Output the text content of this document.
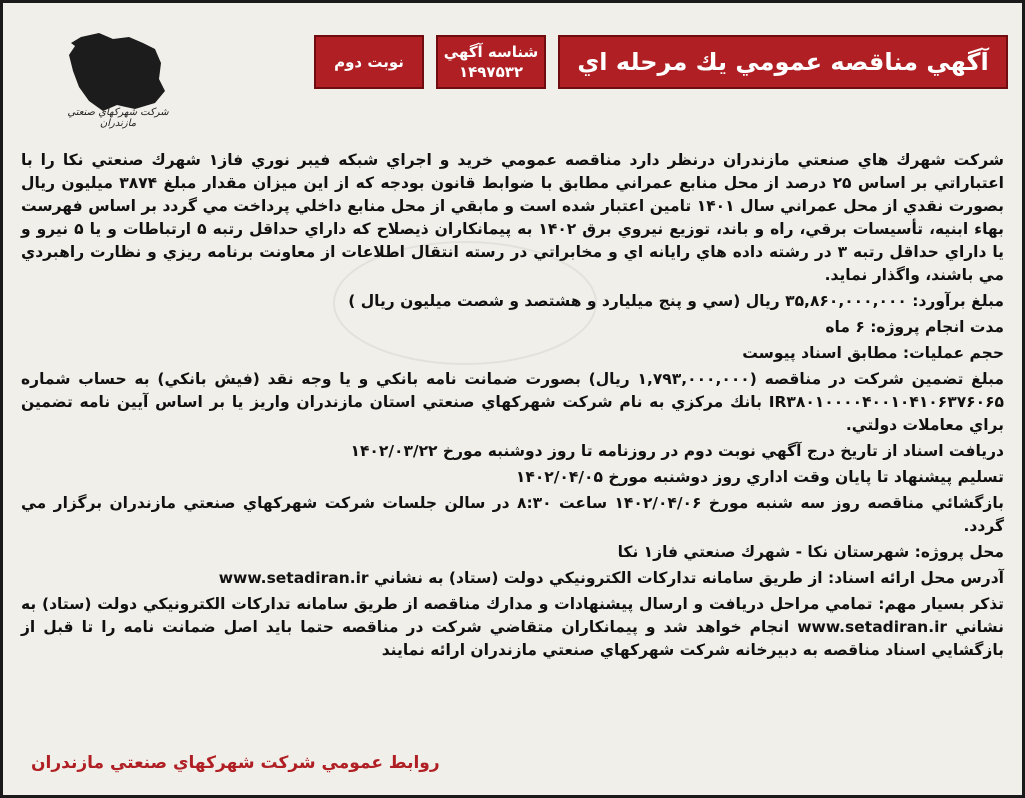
آگهي مناقصه عمومي يك مرحله اي
شناسه آگهي
۱۴۹۷۵۳۲
نوبت دوم
شركت شهركهاي صنعتي مازندران

شركت شهرك هاي صنعتي مازندران درنظر دارد مناقصه عمومي خريد و اجراي شبكه فيبر نوري فاز۱ شهرك صنعتي نكا را با اعتباراتي بر اساس ۲۵ درصد از محل منابع عمراني مطابق با ضوابط قانون بودجه كه از اين ميزان مقدار مبلغ ۳۸۷۴ ميليون ريال بصورت نقدي از محل عمراني سال ۱۴۰۱ تامين اعتبار شده است و مابقي از محل منابع داخلي پرداخت مي گردد بر اساس فهرست بهاء ابنيه، تأسيسات برقي، راه و باند، توزيع نيروي برق ۱۴۰۲ به پيمانكاران ذيصلاح كه داراي حداقل رتبه ۵ ارتباطات و يا ۵ نيرو و يا داراي حداقل رتبه ۳ در رشته داده هاي رايانه اي و مخابراتي در رسته انتقال اطلاعات از معاونت برنامه ريزي و نظارت راهبردي مي باشند، واگذار نمايد.

مبلغ برآورد: ۳۵,۸۶۰,۰۰۰,۰۰۰ ريال (سي و پنج ميليارد و هشتصد و شصت ميليون ريال )

مدت انجام پروژه: ۶ ماه

حجم عمليات: مطابق اسناد پيوست

مبلغ تضمين شركت در مناقصه (۱,۷۹۳,۰۰۰,۰۰۰ ريال) بصورت ضمانت نامه بانكي و يا وجه نقد (فيش بانكي) به حساب شماره IR۳۸۰۱۰۰۰۰۴۰۰۱۰۴۱۰۶۳۷۶۰۶۵ بانك مركزي به نام شركت شهركهاي صنعتي استان مازندران واريز يا بر اساس آيين نامه تضمين براي معاملات دولتي.

دريافت اسناد از تاريخ درج آگهي نوبت دوم در روزنامه تا روز دوشنبه مورخ ۱۴۰۲/۰۳/۲۲

تسليم پيشنهاد تا پايان وقت اداري روز دوشنبه مورخ ۱۴۰۲/۰۴/۰۵

بازگشائي مناقصه روز سه شنبه مورخ ۱۴۰۲/۰۴/۰۶ ساعت ۸:۳۰ در سالن جلسات شركت شهركهاي صنعتي مازندران برگزار مي گردد.

محل پروژه: شهرستان نكا - شهرك صنعتي فاز۱ نكا

آدرس محل ارائه اسناد: از طريق سامانه تداركات الكترونيكي دولت (ستاد) به نشاني www.setadiran.ir

تذكر بسيار مهم: تمامي مراحل دريافت و ارسال پيشنهادات و مدارك مناقصه از طريق سامانه تداركات الكترونيكي دولت (ستاد) به نشاني www.setadiran.ir انجام خواهد شد و پيمانكاران متقاضي شركت در مناقصه حتما بايد اصل ضمانت نامه را تا قبل از بازگشايي اسناد مناقصه به دبيرخانه شركت شهركهاي صنعتي مازندران ارائه نمايند

روابط عمومي شركت شهركهاي صنعتي مازندران
